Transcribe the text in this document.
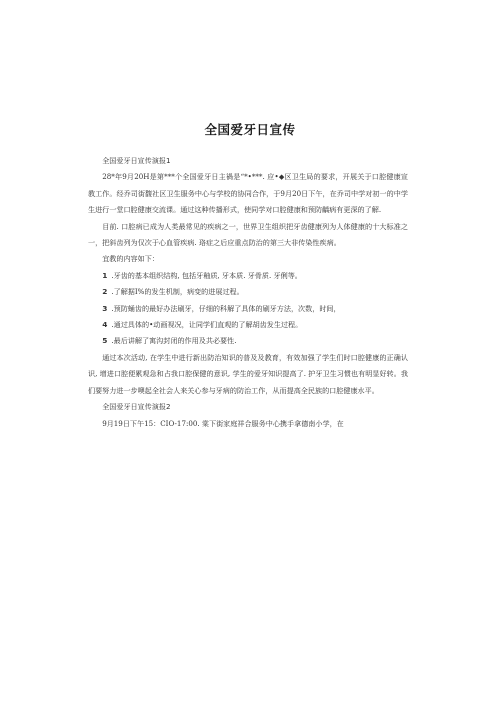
全国爱牙日宣传

全国爱牙日宣传演报1

28*年9月20H是第***个全国爱牙日主禍是“*•***. 应•◆区卫生局的要求，开展关于口腔健康宣教工作。经乔司街馥社区卫生服务中心与学校的协同合作，于9月20日下午，在乔司中学对初一的中学生进行一堂口腔健康交流课。通过这种传播形式，使同学对口腔健康和预防齲病有更深的了解.

目前. 口腔病已成为人类最常见的疾病之一，世界卫生组织把牙齿健康列为人体健康的十大标准之一，把斜齿列为仅次于心血管疾病. 珞症之后应重点防治的第三大非传染性疾病。

宜教的内容如下：

1 .牙齿的基本组织结构, 包括牙釉质, 牙本质. 牙骨质. 牙俐等。

2 .了解据I%的发生机制，病变的进展过程。

3 .预防蛹齿的最好办法刷牙，仔细的科解了具体的刷牙方法，次数，时间，

4 .通过具体的•动画视况，让同学们直观的了解胡齿发生过程。

5 .最后讲解了寓沟封闭的作用及共必要性.

通过本次活动, 在学生中进行新出防治知识的普及及教育，有效加强了学生们时口腔健康的正确认识, 增进口腔便累观急和占我口腔保健的意识, 学生的爱牙知识提高了. 护牙卫生习惯也有明显好转。我们要努力进一步噢起全社会人来关心参与牙病的防治工作，从而提高全民族的口腔健康水平。

全国爱牙日宣传演报2

9月19日下午15：CIO-17:00. 棠下街家庭祥合服务中心携手拿德南小学，在
